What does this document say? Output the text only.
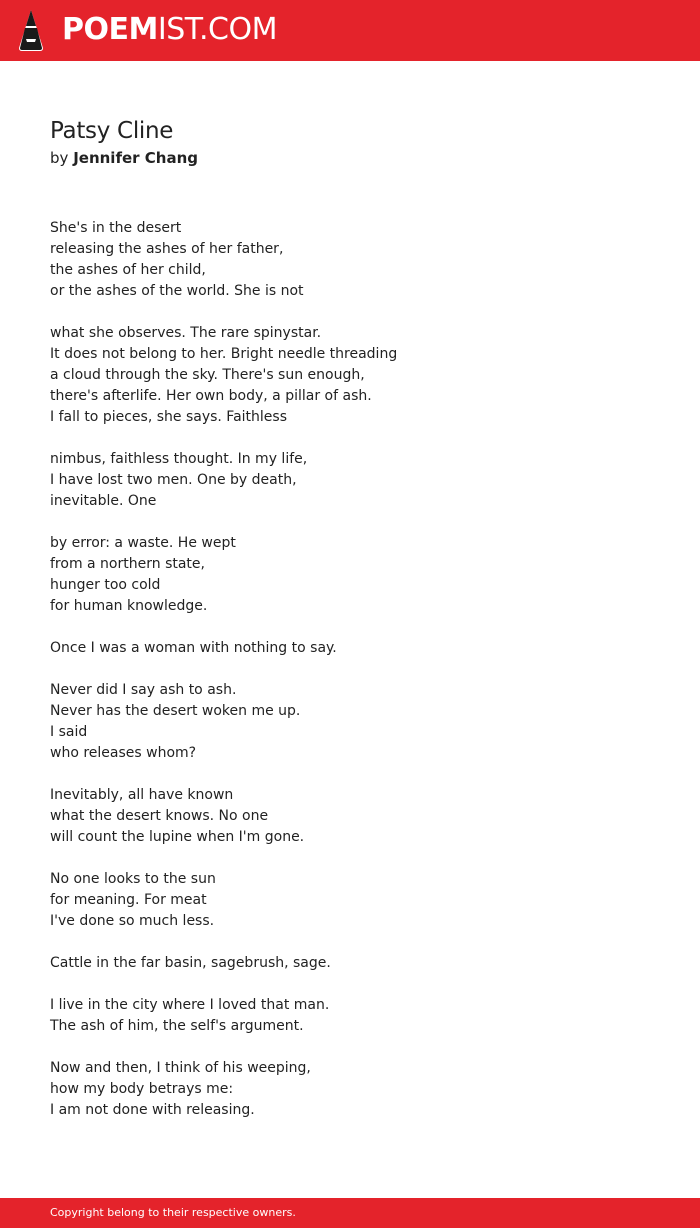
POEMIST.COM
Patsy Cline
by Jennifer Chang
She's in the desert
releasing the ashes of her father,
the ashes of her child,
or the ashes of the world. She is not
what she observes. The rare spinystar.
It does not belong to her. Bright needle threading
a cloud through the sky. There's sun enough,
there's afterlife. Her own body, a pillar of ash.
I fall to pieces, she says. Faithless
nimbus, faithless thought. In my life,
I have lost two men. One by death,
inevitable. One
by error: a waste. He wept
from a northern state,
hunger too cold
for human knowledge.
Once I was a woman with nothing to say.
Never did I say ash to ash.
Never has the desert woken me up.
I said
who releases whom?
Inevitably, all have known
what the desert knows. No one
will count the lupine when I'm gone.
No one looks to the sun
for meaning. For meat
I've done so much less.
Cattle in the far basin, sagebrush, sage.
I live in the city where I loved that man.
The ash of him, the self's argument.
Now and then, I think of his weeping,
how my body betrays me:
I am not done with releasing.
Copyright belong to their respective owners.
